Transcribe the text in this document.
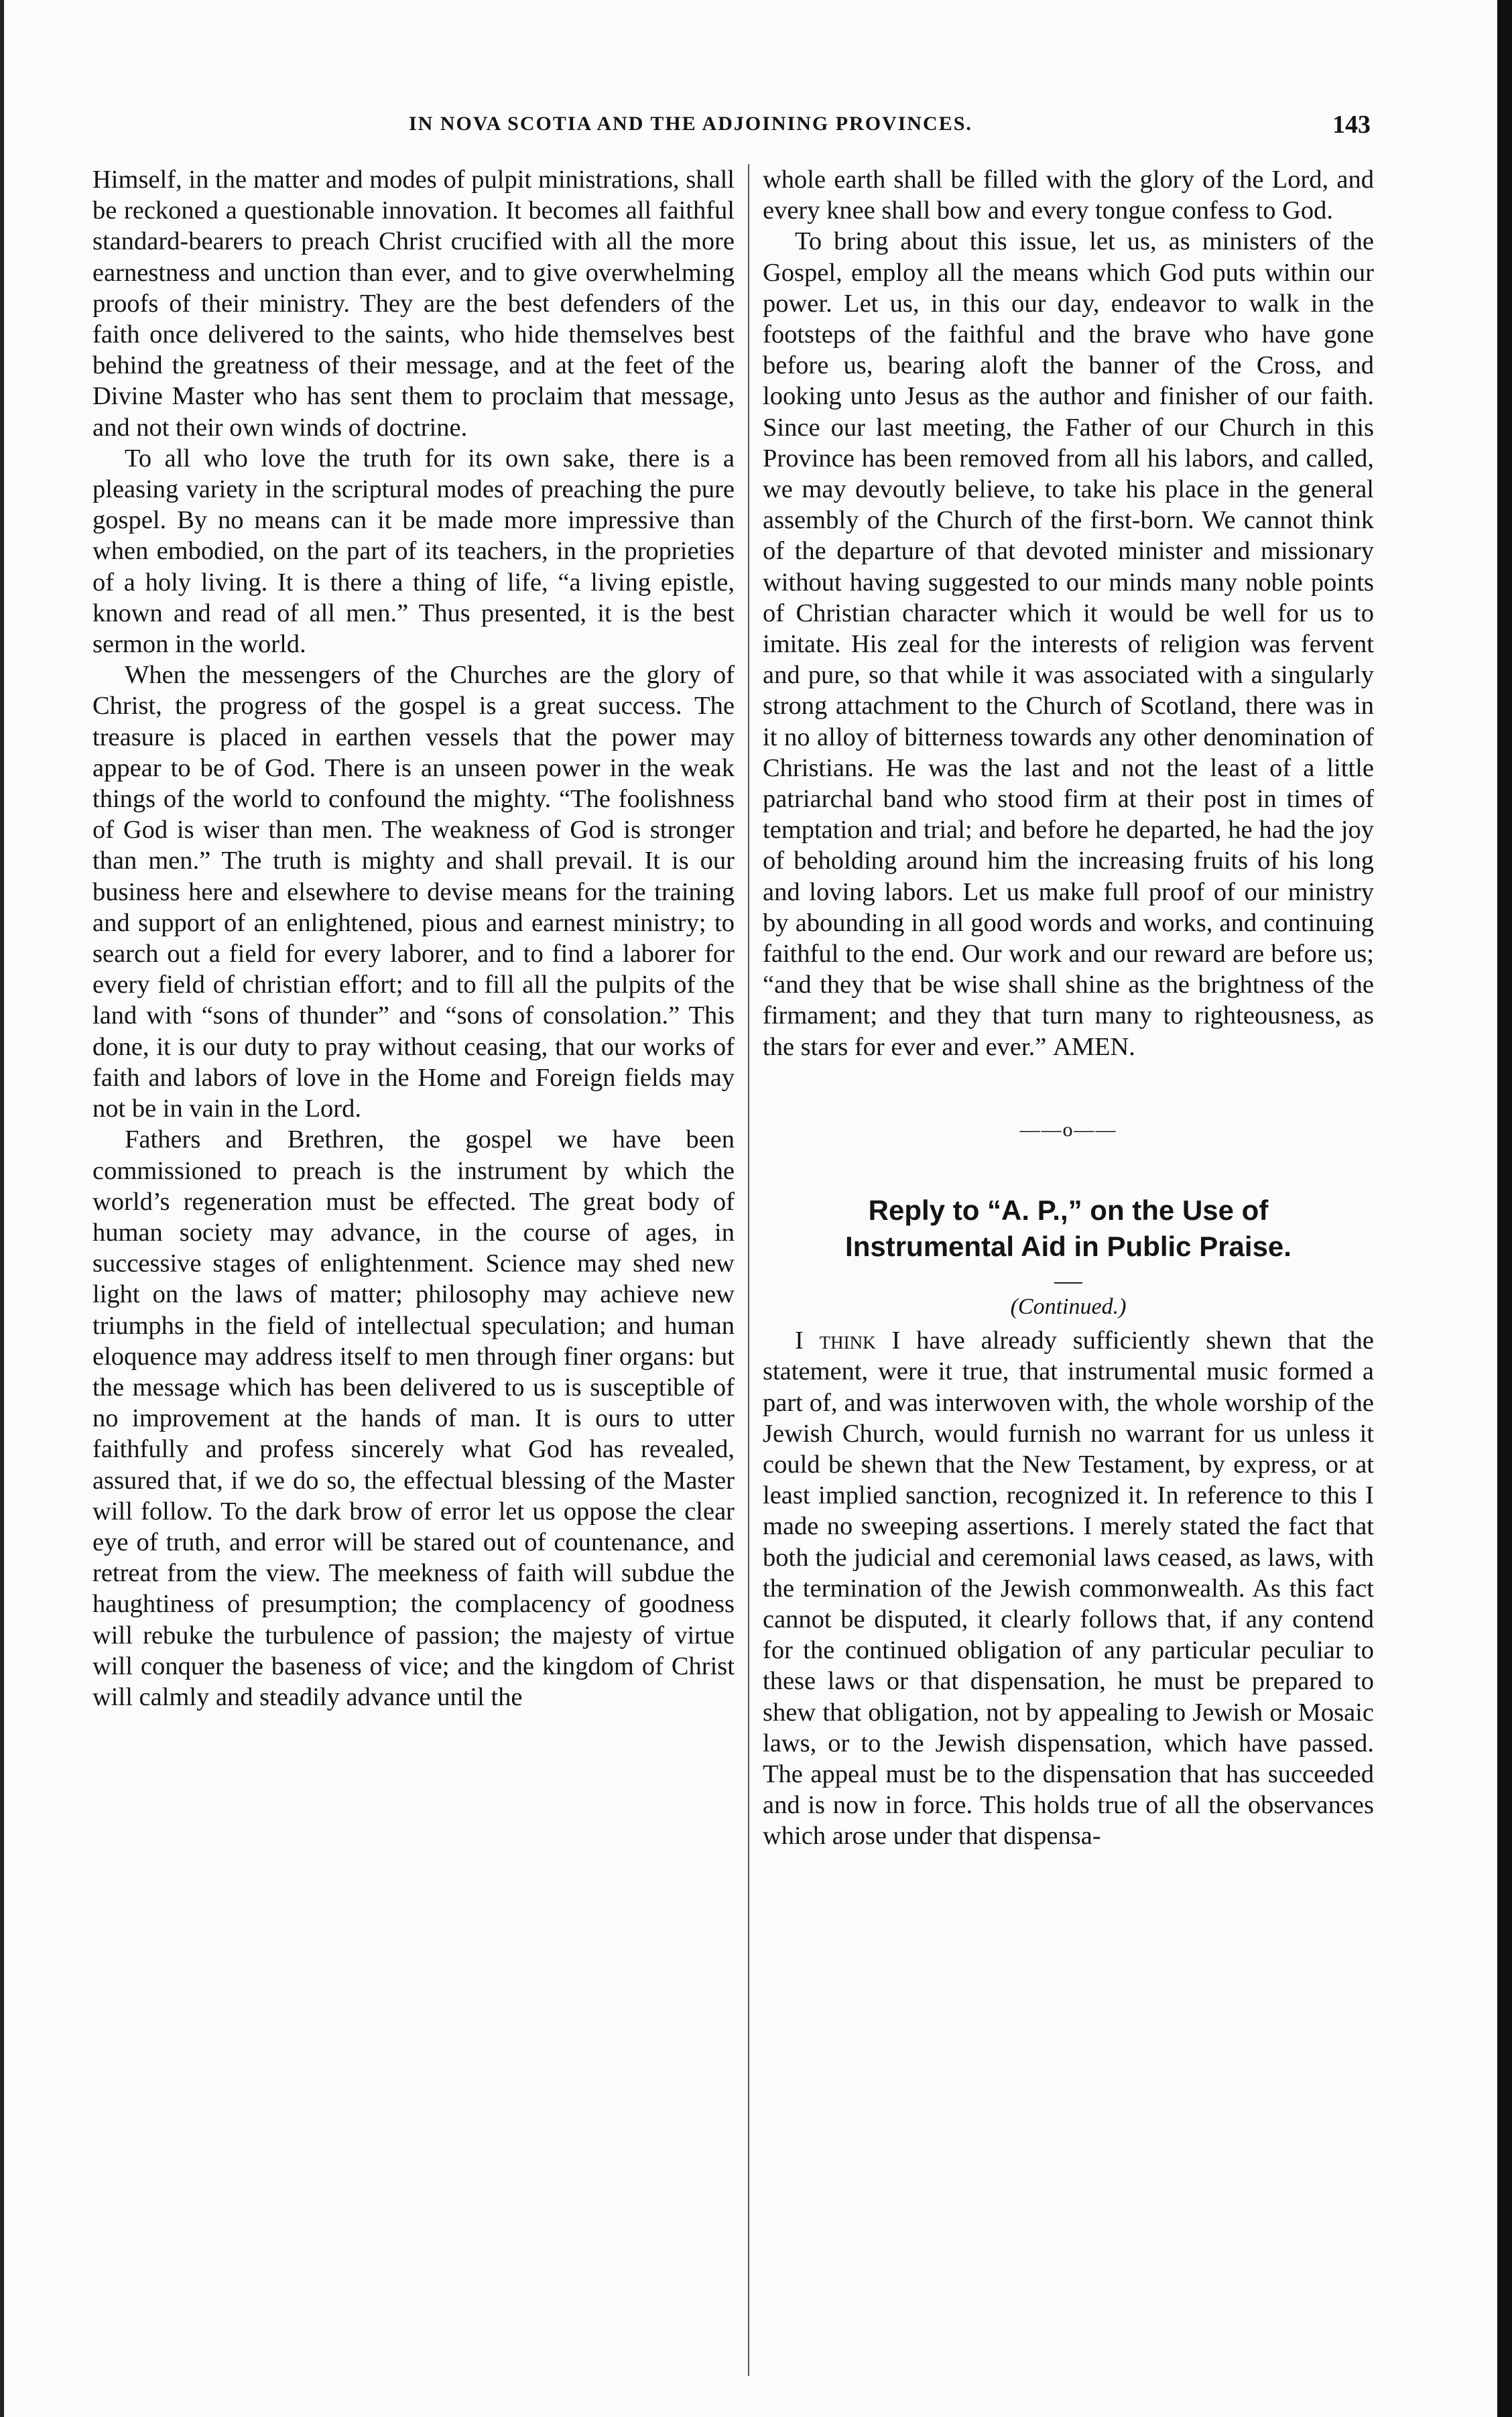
IN NOVA SCOTIA AND THE ADJOINING PROVINCES.	143

Himself, in the matter and modes of pulpit ministrations, shall be reckoned a questionable innovation. It becomes all faithful standard-bearers to preach Christ crucified with all the more earnestness and unction than ever, and to give overwhelming proofs of their ministry. They are the best defenders of the faith once delivered to the saints, who hide themselves best behind the greatness of their message, and at the feet of the Divine Master who has sent them to proclaim that message, and not their own winds of doctrine.

To all who love the truth for its own sake, there is a pleasing variety in the scriptural modes of preaching the pure gospel. By no means can it be made more impressive than when embodied, on the part of its teachers, in the proprieties of a holy living. It is there a thing of life, “a living epistle, known and read of all men.” Thus presented, it is the best sermon in the world.

When the messengers of the Churches are the glory of Christ, the progress of the gospel is a great success. The treasure is placed in earthen vessels that the power may appear to be of God. There is an unseen power in the weak things of the world to confound the mighty. “The foolishness of God is wiser than men. The weakness of God is stronger than men.” The truth is mighty and shall prevail. It is our business here and elsewhere to devise means for the training and support of an enlightened, pious and earnest ministry; to search out a field for every laborer, and to find a laborer for every field of christian effort; and to fill all the pulpits of the land with “sons of thunder” and “sons of consolation.” This done, it is our duty to pray without ceasing, that our works of faith and labors of love in the Home and Foreign fields may not be in vain in the Lord.

Fathers and Brethren, the gospel we have been commissioned to preach is the instrument by which the world’s regeneration must be effected. The great body of human society may advance, in the course of ages, in successive stages of enlightenment. Science may shed new light on the laws of matter; philosophy may achieve new triumphs in the field of intellectual speculation; and human eloquence may address itself to men through finer organs: but the message which has been delivered to us is susceptible of no improvement at the hands of man. It is ours to utter faithfully and profess sincerely what God has revealed, assured that, if we do so, the effectual blessing of the Master will follow. To the dark brow of error let us oppose the clear eye of truth, and error will be stared out of countenance, and retreat from the view. The meekness of faith will subdue the haughtiness of presumption; the complacency of goodness will rebuke the turbulence of passion; the majesty of virtue will conquer the baseness of vice; and the kingdom of Christ will calmly and steadily advance until the

whole earth shall be filled with the glory of the Lord, and every knee shall bow and every tongue confess to God.

To bring about this issue, let us, as ministers of the Gospel, employ all the means which God puts within our power. Let us, in this our day, endeavor to walk in the footsteps of the faithful and the brave who have gone before us, bearing aloft the banner of the Cross, and looking unto Jesus as the author and finisher of our faith. Since our last meeting, the Father of our Church in this Province has been removed from all his labors, and called, we may devoutly believe, to take his place in the general assembly of the Church of the first-born. We cannot think of the departure of that devoted minister and missionary without having suggested to our minds many noble points of Christian character which it would be well for us to imitate. His zeal for the interests of religion was fervent and pure, so that while it was associated with a singularly strong attachment to the Church of Scotland, there was in it no alloy of bitterness towards any other denomination of Christians. He was the last and not the least of a little patriarchal band who stood firm at their post in times of temptation and trial; and before he departed, he had the joy of beholding around him the increasing fruits of his long and loving labors. Let us make full proof of our ministry by abounding in all good words and works, and continuing faithful to the end. Our work and our reward are before us; “and they that be wise shall shine as the brightness of the firmament; and they that turn many to righteousness, as the stars for ever and ever.” AMEN.

——o——
Reply to “A. P.,” on the Use of
Instrumental Aid in Public Praise.
(Continued.)

I think I have already sufficiently shewn that the statement, were it true, that instrumental music formed a part of, and was interwoven with, the whole worship of the Jewish Church, would furnish no warrant for us unless it could be shewn that the New Testament, by express, or at least implied sanction, recognized it. In reference to this I made no sweeping assertions. I merely stated the fact that both the judicial and ceremonial laws ceased, as laws, with the termination of the Jewish commonwealth. As this fact cannot be disputed, it clearly follows that, if any contend for the continued obligation of any particular peculiar to these laws or that dispensation, he must be prepared to shew that obligation, not by appealing to Jewish or Mosaic laws, or to the Jewish dispensation, which have passed. The appeal must be to the dispensation that has succeeded and is now in force. This holds true of all the observances which arose under that dispensa-
